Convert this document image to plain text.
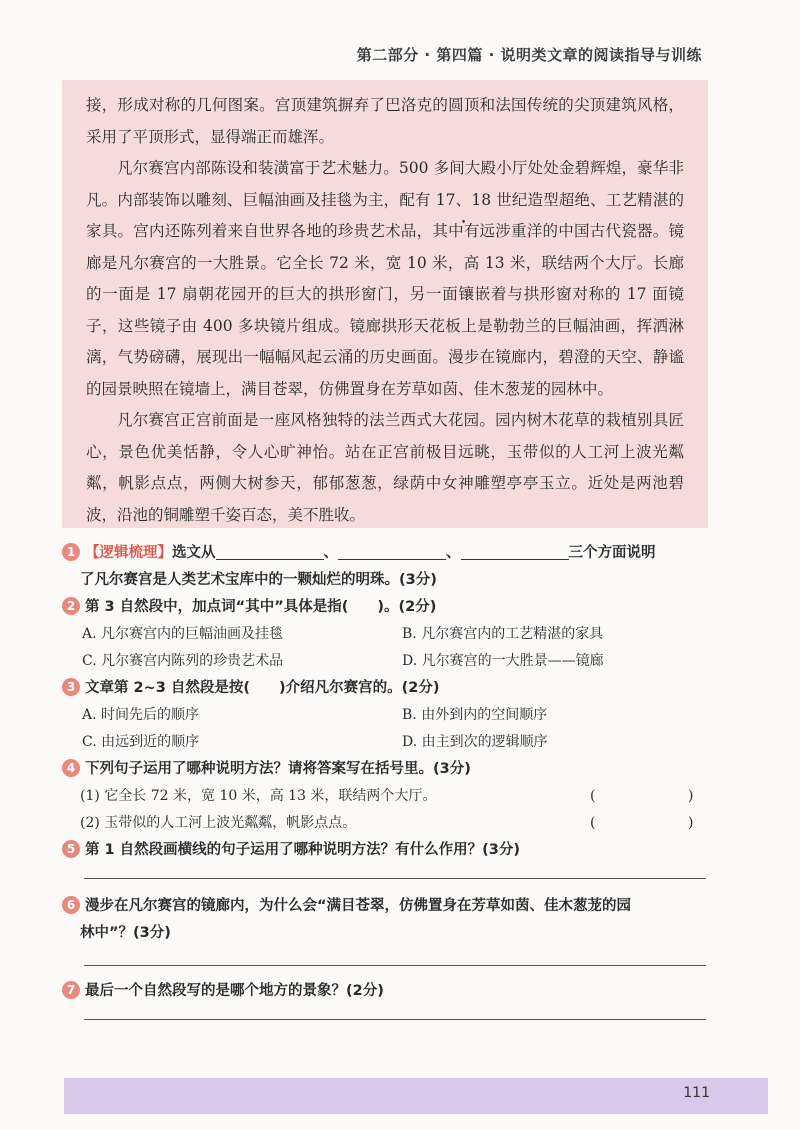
第二部分 · 第四篇 · 说明类文章的阅读指导与训练

接，形成对称的几何图案。宫顶建筑摒弃了巴洛克的圆顶和法国传统的尖顶建筑风格，采用了平顶形式，显得端正而雄浑。

凡尔赛宫内部陈设和装潢富于艺术魅力。500 多间大殿小厅处处金碧辉煌，豪华非凡。内部装饰以雕刻、巨幅油画及挂毯为主，配有 17、18 世纪造型超绝、工艺精湛的家具。宫内还陈列着来自世界各地的珍贵艺术品，其中有远涉重洋的中国古代瓷器。镜廊是凡尔赛宫的一大胜景。它全长 72 米，宽 10 米，高 13 米，联结两个大厅。长廊的一面是 17 扇朝花园开的巨大的拱形窗门，另一面镶嵌着与拱形窗对称的 17 面镜子，这些镜子由 400 多块镜片组成。镜廊拱形天花板上是勒勃兰的巨幅油画，挥洒淋漓，气势磅礴，展现出一幅幅风起云涌的历史画面。漫步在镜廊内，碧澄的天空、静谧的园景映照在镜墙上，满目苍翠，仿佛置身在芳草如茵、佳木葱茏的园林中。

凡尔赛宫正宫前面是一座风格独特的法兰西式大花园。园内树木花草的栽植别具匠心，景色优美恬静，令人心旷神怡。站在正宫前极目远眺，玉带似的人工河上波光粼粼，帆影点点，两侧大树参天，郁郁葱葱，绿荫中女神雕塑亭亭玉立。近处是两池碧波，沿池的铜雕塑千姿百态，美不胜收。

1 【逻辑梳理】选文从	、	、	三个方面说明
了凡尔赛宫是人类艺术宝库中的一颗灿烂的明珠。(3分)
2 第 3 自然段中，加点词“其中”具体是指(　　)。(2分)
A. 凡尔赛宫内的巨幅油画及挂毯	B. 凡尔赛宫内的工艺精湛的家具
C. 凡尔赛宫内陈列的珍贵艺术品	D. 凡尔赛宫的一大胜景——镜廊
3 文章第 2~3 自然段是按(　　)介绍凡尔赛宫的。(2分)
A. 时间先后的顺序	B. 由外到内的空间顺序
C. 由远到近的顺序	D. 由主到次的逻辑顺序
4 下列句子运用了哪种说明方法？请将答案写在括号里。(3分)
(1) 它全长 72 米，宽 10 米，高 13 米，联结两个大厅。	(	)
(2) 玉带似的人工河上波光粼粼，帆影点点。	(	)
5 第 1 自然段画横线的句子运用了哪种说明方法？有什么作用？(3分)
6 漫步在凡尔赛宫的镜廊内，为什么会“满目苍翠，仿佛置身在芳草如茵、佳木葱茏的园
林中”？(3分)
7 最后一个自然段写的是哪个地方的景象？(2分)
111
